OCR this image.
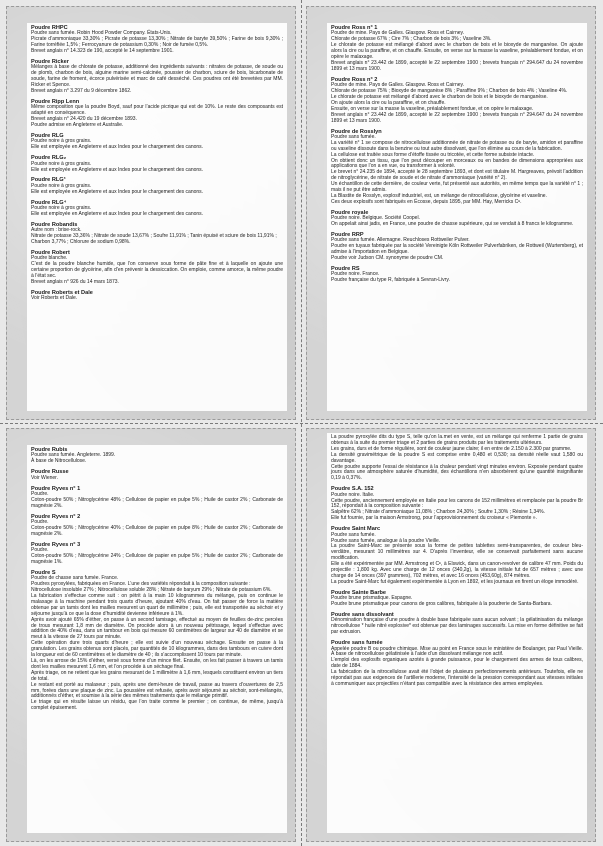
Poudre RHPC

Poudre sans fumée. Robin Hood Powder Company. États-Unis.
Picrate d’ammoniaque 33,30% ; Picrate de potasse 13,30% ; Nitrate de baryte 39,50% ; Farine de bois 9,30% ; Farine torréfiée 1,5% ; Ferrocyanure de potassium 0,30% ; Noir de fumée 0,5%.
Brevet anglais n° 14.323 de 190, accepté le 14 septembre 1901.

Poudre Ricker

Mélanges à base de chlorate de potasse, additionné des ingrédients suivants : nitrates de potasse, de soude ou de plomb, charbon de bois, alguine marine semi-calcinée, poussier de charbon, sciure de bois, bicarbonate de soude, farine de froment, écorce pulvérisée et marc de café desséché. Ces poudres ont été brevetées par MM. Ricker et Spence.
Brevet anglais n° 3.297 du 9 décembre 1862.

Poudre Ripp Lenn

Même composition que la poudre Boyd, sauf pour l’acide picrique qui est de 10%. Le reste des composants est adapté en conséquence.
Brevet anglais n° 24.420 du 19 décembre 1893.
Poudre admise en Angleterre et Australie.

Poudre RLG

Poudre noire à gros grains.
Elle est employée en Angleterre et aux Indes pour le chargement des canons.

Poudre RLG₂

Poudre noire à gros grains.
Elle est employée en Angleterre et aux Indes pour le chargement des canons.

Poudre RLG³

Poudre noire à gros grains.
Elle est employée en Angleterre et aux Indes pour le chargement des canons.

Poudre RLG⁴

Poudre noire à gros grains.
Elle est employée en Angleterre et aux Indes pour le chargement des canons.

Poudre Robandis

Autre nom : brise-rock.
Nitrate de potasse 33,36% ; Nitrate de soude 13,67% ; Soufre 11,91% ; Tanin épuisé et sciure de bois 11,91% ;
Charbon 3,77% ; Chlorure de sodium 0,98%.

Poudre Robert

Poudre blanche.
C’est de la poudre blanche humide, que l’on conserve sous forme de pâte fine et à laquelle on ajoute une certaine proportion de glycérine, afin d’en prévenir la dessiccation. On emploie, comme amorce, la même poudre à l’état sec.
Brevet anglais n° 926 du 14 mars 1873.

Poudre Roberts et Dale

Voir Roberts et Dale.

Poudre Ross n° 1

Poudre de mine. Pays de Galles. Glasgow. Ross et Cairney.
Chlorate de potasse 67% ; Cire 7% ; Charbon de bois 3% ; Vaseline 3%.
Le chlorate de potasse est mélangé d’abord avec le charbon de bois et le bioxyde de manganèse. On ajoute alors la cire ou la paraffine, et on chauffe. Ensuite, on verse sur la masse la vaseline, préalablement fondue, et on opère le malaxage.
Brevet anglais n° 23.442 de 1899, accepté le 22 septembre 1900 ; brevets français n° 294.647 du 24 novembre 1899 et 13 mars 1900.

Poudre Ross n° 2

Poudre de mine. Pays de Galles. Glasgow. Ross et Cairney.
Chlorate de potasse 75% ; Bioxyde de manganèse 8% ; Paraffine 9% ; Charbon de bois 4% ; Vaseline 4%.
Le chlorate de potasse est mélangé d’abord avec le charbon de bois et le bioxyde de manganèse.
On ajoute alors la cire ou la paraffine, et on chauffe.
Ensuite, on verse sur la masse la vaseline, préalablement fondue, et on opère le malaxage.
Brevet anglais n° 23.442 de 1899, accepté le 22 septembre 1900 ; brevets français n° 294.647 du 24 novembre 1899 et 13 mars 1900.

Poudre de Rosslyn

Poudre sans fumée.
La variété n° 1 se compose de nitrocellulose additionnée de nitrate de potasse ou de baryte, amidon et paraffine ou vaseline dissoute dans la benzine ou tout autre dissolvant, que l’on élimine au cours de la fabrication.
La cellulose est traitée sous forme d’étoffe tissée ou tricotée, et cette forme subsiste intacte.
On obtient donc un tissu, que l’on peut découper en morceaux ou en bandes de dimensions appropriées aux applications que l’on a en vue, ou transformer à volonté.
Le brevet n° 24.235 de 1894, accepté le 28 septembre 1893, et dont est titulaire M. Hargreaves, prévoit l’addition de nitroglycérine, de nitrate de soude et de nitrate d’ammoniaque (variété n° 2).
Un échantillon de cette dernière, de couleur verte, fut présenté aux autorités, en même temps que la variété n° 1 ; mais il ne put être admis.
La Blastite de Rosslyn, explosif industriel, est, un mélange de nitrocellulose, glycérine et vaseline.
Ces deux explosifs sont fabriqués en Écosse, depuis 1895, par MM. Hay, Merricks Cᵉ.

Poudre royale

Poudre noire. Belgique. Société Coopel.
On appelait ainsi jadis, en France, une poudre de chasse supérieure, qui se vendait à 8 francs le kilogramme.

Poudre RRP

Poudre sans fumée. Allemagne. Reuchloses Rottweiler Pulver.
Poudre en tuyaux fabriquée par la société Vereinigte Köln Rottweiler Pulverfabriken, de Rottweil (Wurtemberg), et admise à l’importation en Belgique.
Poudre voir Judson CM. synonyme de poudre CM.

Poudre RS

Poudre noire. France.
Poudre française du type R, fabriquée à Sevran-Livry.

Poudre Rubis

Poudre sans fumée. Angleterre. 1899.
À base de Nitrocellulose.

Poudre Russe

Voir Wiener.

Poudre Ryves n° 1

Poudre.
Coton-poudre 50% ; Nitroglycérine 48% ; Cellulose de papier en pulpe 5% ; Huile de castor 2% ; Carbonate de magnésie 2%.

Poudre Ryves n° 2

Poudre.
Coton-poudre 50% ; Nitroglycérine 40% ; Cellulose de papier en pulpe 8% ; Huile de castor 2% ; Carbonate de magnésie 2%.

Poudre Ryves n° 3

Poudre.
Coton-poudre 50% ; Nitroglycérine 24% ; Cellulose de papier en pulpe 5% ; Huile de castor 2% ; Carbonate de magnésie 1%.

Poudre S

Poudre de chasse sans fumée. France.
Poudres pyroxylées, fabriquées en France. L’une des variétés répondait à la composition suivante :
Nitrocellulose insoluble 27% ; Nitrocellulose soluble 28% ; Nitrate de baryum 29% ; Nitrate de potassium 6%.
La fabrication s’effectue comme suit : on pétrit à la main 10 kilogrammes du mélange, puis on continue le malaxage à la machine pendant trois quarts d’heure, ajoutant 40% d’eau. On fait passer de force la matière obtenue par un tamis dont les mailles mesurent un quart de millimètre ; puis, elle est transportée au séchoir et y séjourne jusqu’à ce que la dose d’humidité devienne inférieure à 1%.
Après avoir ajouté 65% d’éther, on passe à un second tamisage, effectué au moyen de feuilles de-zinc percées de trous mesurant 1,8 mm de diamètre. On procède alors à un nouveau pétrissage, lequel s’effectue avec addition de 40% d’eau, dans un tambour en bois qui mesure 60 centimètres de largeur sur 40 de diamètre et se meut à la vitesse de 27 tours par minute.
Cette opération dure trois quarts d’heure ; elle est suivie d’un nouveau séchage. Ensuite on passe à la granulation. Les grains obtenus sont placés, par quantités de 10 kilogrammes, dans des tambours en cuivre dont la longueur est de 60 centimètres et le diamètre de 40 ; ils s’accomplissent 10 tours par minute.
Là, on les arrose de 15% d’éther, versé sous forme d’un mince filet. Ensuite, on les fait passer à travers un tamis dont les mailles mesurent 1,6 mm, et l’on procède à un séchage final.
Après triage, on ne retient que les grains mesurant de 1 millimètre à 1,6 mm, lesquels constituent environ un tiers de total.
Le restant est porté au malaxeur ; puis, après une demi-heure de travail, passe au travers d’ouvertures de 2,5 mm, forées dans une plaque de zinc. La poussière est refusée, après avoir séjourné au séchoir, sont-mélangés, additionnés d’éther, et soumise à la série des mêmes traitements que le mélange primitif.
Le triage qui en résulte laisse un résidu, que l’on traite comme le premier ; on continue, de même, jusqu’à complet épuisement.

La poudre pyroxylée dits du type S, telle qu’on la.met en vente, est un mélange qui renferme 1 partie de grains obtenus à la suite du premier triage et 2 parties de grains produits par les traitements ultérieurs.
Les grains, durs et de forme régulière, sont de couleur jaune claire; il en entre de 2.150 à 2.300 par gramme.
La densité gravimétrique de la poudre S est comprise entre 0,480 et 0,530; sa densité réelle vaut 1,580 ou davantage.
Cette poudre supporte l’essai de résistance à la chaleur pendant vingt minutes environ. Exposée pendant quatre jours dans une atmosphère saturée d’humidité, des échantillons n’en absorbèrent qu’une quantité insignifiante 0,19 à 0,37%.

Poudre S.A. 152

Poudre noire. Italie.
Cette poudre, anciennement employée en Italie pour les canons de 152 millimètres et remplacée par la poudre Br 152, répondait à la composition suivante :
Salpêtre 62% ; Nitrate d’ammoniaque 11,08% ; Charbon 24,30% ; Soufre 1,30% ; Résine 1,34%.
Elle fut fournie, par la maison Armstrong, pour l’approvisionnement du croiseur « Piemonte ».

Poudre Saint Marc

Poudre sans fumée.
Poudre sans fumée, analogue à la poudre Vieille.
La poudre Saint-Marc se présente sous la forme de petites tablettes semi-transparentes, de couleur bleu-verdâtre, mesurant 10 millimètres sur 4. D’après l’inventeur, elle se conservait parfaitement sans aucune modification.
Elle a été expérimentée par MM. Armstrong et Cᵉ, à Elswick, dans un canon-revolver de calibre 47 mm. Poids du projectile : 1,800 kg. Avec une charge de 12 onces (340,2g), la vitesse initiale fut de 657 mètres ; avec une charge de 14 onces (397 grammes), 702 mètres, et avec 16 onces (453,60g), 874 mètres.
La poudre Saint-Marc fut également expérimentée à Lyon en 1892, et les journaux en firent un éloge immodéré.

Poudre Sainte Barbe

Poudre brune prismatique. Espagne.
Poudre brune prismatique pour canons de gros calibres, fabriquée à la poudrerie de Santa-Barbara.

Poudre sans dissolvant

Dénomination française d’une poudre à double base fabriquée sans aucun solvant ; la gélatinisation du mélange nitrocellulose * huile nitré explosive* est obtenue par des laminages successifs. La mise en forme définitive se fait par extrusion.

Poudre sans fumée

Appelée poudre B ou poudre chimique. Mise au point en France sous le ministère de Boulanger, par Paul Vieille. À base de nitrocellulose gélatinisée à l’aide d’un dissolvant mélange non actif.
L’emploi des explosifs organiques azotés à grande puissance, pour le chargement des armes de tous calibres, date de 1884.
La fabrication de la nitrocellulose avait été l’objet de plusieurs perfectionnements antérieurs. Toutefois, elle ne répondait pas aux exigences de l’artillerie moderne, l’intensité de la pression correspondant aux vitesses initiales à communiquer aux projectiles n’étant pas compatible avec la résistance des armes employées.
